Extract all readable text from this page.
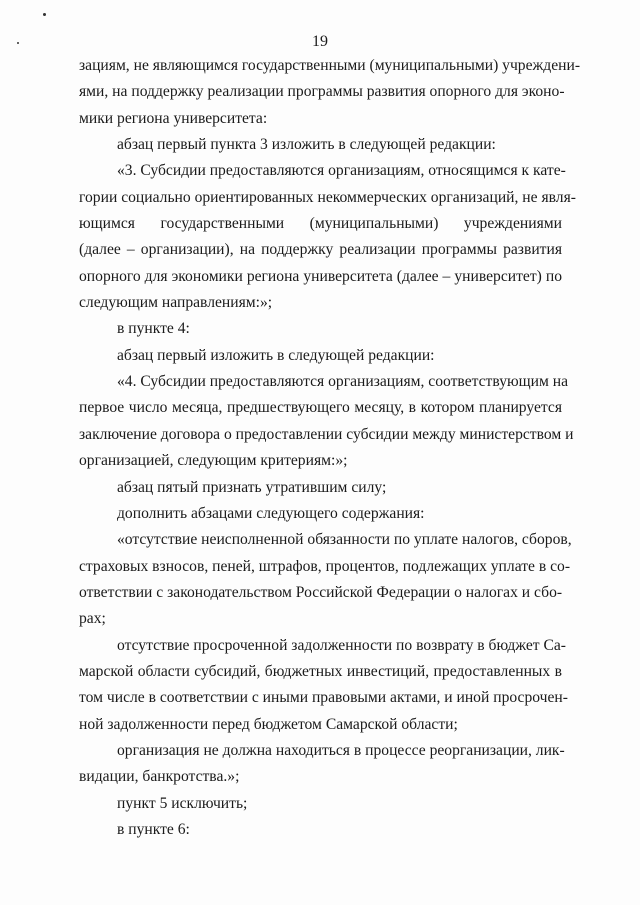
19

зациям, не являющимся государственными (муниципальными) учреждени-
ями, на поддержку реализации программы развития опорного для эконо-
мики региона университета:

абзац первый пункта 3 изложить в следующей редакции:

«3. Субсидии предоставляются организациям, относящимся к кате-
гории социально ориентированных некоммерческих организаций, не явля-
ющимся государственными (муниципальными) учреждениями
(далее – организации), на поддержку реализации программы развития
опорного для экономики региона университета (далее – университет) по
следующим направлениям:»;

в пункте 4:

абзац первый изложить в следующей редакции:

«4. Субсидии предоставляются организациям, соответствующим на
первое число месяца, предшествующего месяцу, в котором планируется
заключение договора о предоставлении субсидии между министерством и
организацией, следующим критериям:»;

абзац пятый признать утратившим силу;

дополнить абзацами следующего содержания:

«отсутствие неисполненной обязанности по уплате налогов, сборов,
страховых взносов, пеней, штрафов, процентов, подлежащих уплате в со-
ответствии с законодательством Российской Федерации о налогах и сбо-
рах;

отсутствие просроченной задолженности по возврату в бюджет Са-
марской области субсидий, бюджетных инвестиций, предоставленных в
том числе в соответствии с иными правовыми актами, и иной просрочен-
ной задолженности перед бюджетом Самарской области;

организация не должна находиться в процессе реорганизации, лик-
видации, банкротства.»;

пункт 5 исключить;

в пункте 6:
